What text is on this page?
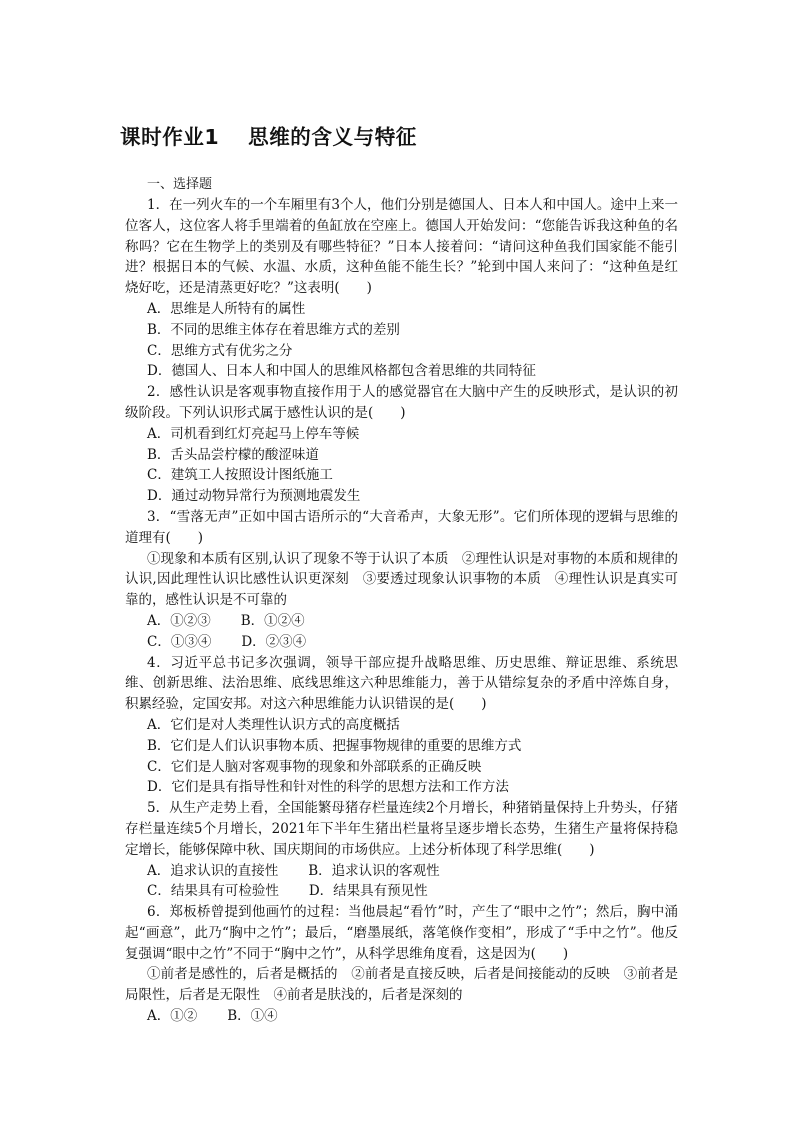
课时作业1　 思维的含义与特征

一、选择题

1．在一列火车的一个车厢里有3个人，他们分别是德国人、日本人和中国人。途中上来一位客人，这位客人将手里端着的鱼缸放在空座上。德国人开始发问：“您能告诉我这种鱼的名称吗？它在生物学上的类别及有哪些特征？”日本人接着问：“请问这种鱼我们国家能不能引进？根据日本的气候、水温、水质，这种鱼能不能生长？”轮到中国人来问了：“这种鱼是红烧好吃，还是清蒸更好吃？”这表明(　　)

A．思维是人所特有的属性

B．不同的思维主体存在着思维方式的差别

C．思维方式有优劣之分

D．德国人、日本人和中国人的思维风格都包含着思维的共同特征

2．感性认识是客观事物直接作用于人的感觉器官在大脑中产生的反映形式，是认识的初级阶段。下列认识形式属于感性认识的是(　　)

A．司机看到红灯亮起马上停车等候

B．舌头品尝柠檬的酸涩味道

C．建筑工人按照设计图纸施工

D．通过动物异常行为预测地震发生

3．“雪落无声”正如中国古语所示的“大音希声，大象无形”。它们所体现的逻辑与思维的道理有(　　)

①现象和本质有区别,认识了现象不等于认识了本质　②理性认识是对事物的本质和规律的认识,因此理性认识比感性认识更深刻　③要透过现象认识事物的本质　④理性认识是真实可靠的，感性认识是不可靠的

A．①②③ B．①②④

C．①③④ D．②③④

4．习近平总书记多次强调，领导干部应提升战略思维、历史思维、辩证思维、系统思维、创新思维、法治思维、底线思维这六种思维能力，善于从错综复杂的矛盾中淬炼自身，积累经验，定国安邦。对这六种思维能力认识错误的是(　　)

A．它们是对人类理性认识方式的高度概括

B．它们是人们认识事物本质、把握事物规律的重要的思维方式

C．它们是人脑对客观事物的现象和外部联系的正确反映

D．它们是具有指导性和针对性的科学的思想方法和工作方法

5．从生产走势上看，全国能繁母猪存栏量连续2个月增长，种猪销量保持上升势头，仔猪存栏量连续5个月增长，2021年下半年生猪出栏量将呈逐步增长态势，生猪生产量将保持稳定增长，能够保障中秋、国庆期间的市场供应。上述分析体现了科学思维(　　)

A．追求认识的直接性 B．追求认识的客观性

C．结果具有可检验性 D．结果具有预见性

6．郑板桥曾提到他画竹的过程：当他晨起“看竹”时，产生了“眼中之竹”；然后，胸中涌起“画意”，此乃“胸中之竹”；最后，“磨墨展纸，落笔倏作变相”，形成了“手中之竹”。他反复强调“眼中之竹”不同于“胸中之竹”，从科学思维角度看，这是因为(　　)

①前者是感性的，后者是概括的　②前者是直接反映，后者是间接能动的反映　③前者是局限性，后者是无限性　④前者是肤浅的，后者是深刻的

A．①② B．①④
